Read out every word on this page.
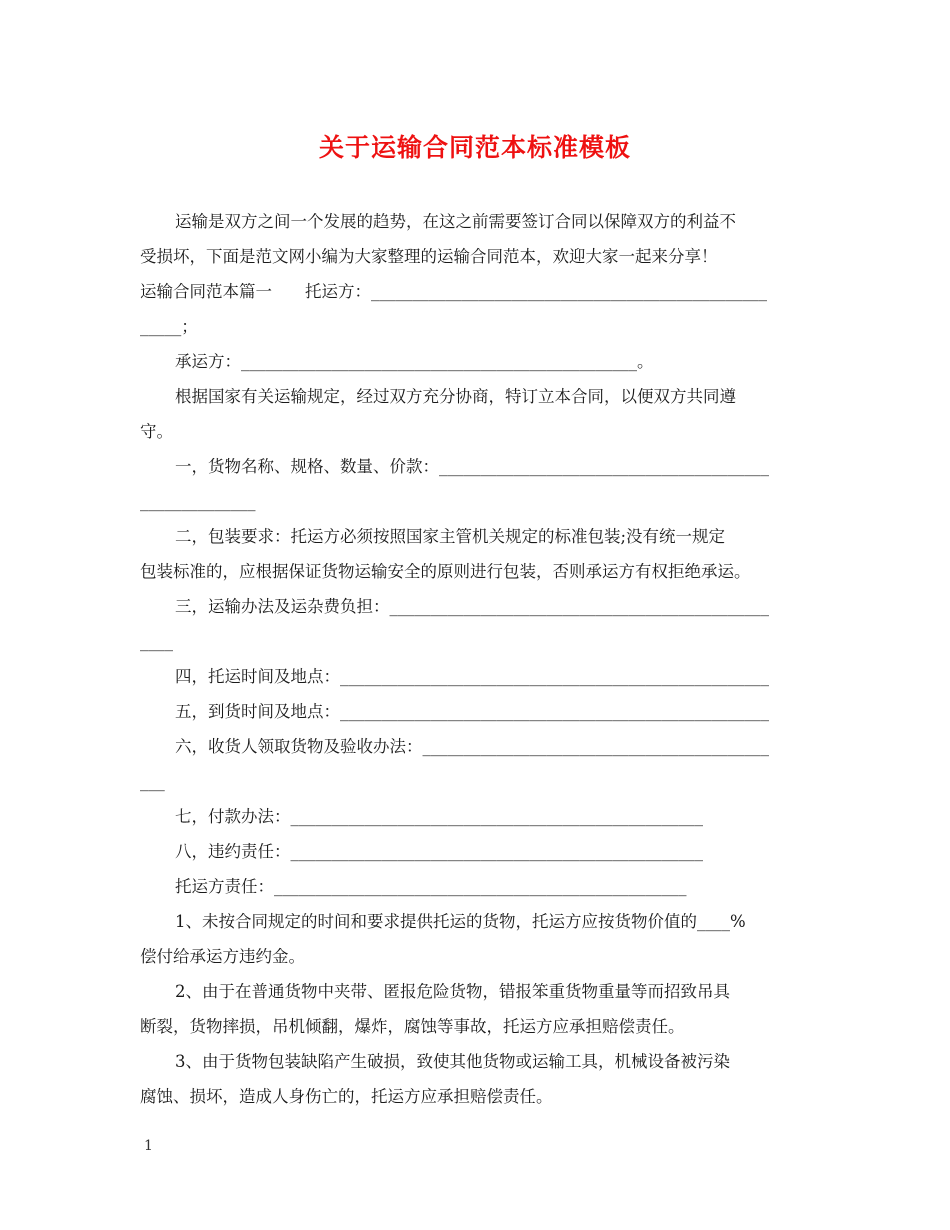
关于运输合同范本标准模板
运输是双方之间一个发展的趋势，在这之前需要签订合同以保障双方的利益不
受损坏，下面是范文网小编为大家整理的运输合同范本，欢迎大家一起来分享！
运输合同范本篇一　　托运方：________________________________________________
_____；
承运方：________________________________________________。
根据国家有关运输规定，经过双方充分协商，特订立本合同，以便双方共同遵
守。
一，货物名称、规格、数量、价款：________________________________________
______________
二，包装要求：托运方必须按照国家主管机关规定的标准包装;没有统一规定
包装标准的，应根据保证货物运输安全的原则进行包装，否则承运方有权拒绝承运。
三，运输办法及运杂费负担：______________________________________________
____
四，托运时间及地点：____________________________________________________
五，到货时间及地点：____________________________________________________
六，收货人领取货物及验收办法：__________________________________________
___
七，付款办法：__________________________________________________
八，违约责任：__________________________________________________
托运方责任：__________________________________________________
1、未按合同规定的时间和要求提供托运的货物，托运方应按货物价值的____%
偿付给承运方违约金。
2、由于在普通货物中夹带、匿报危险货物，错报笨重货物重量等而招致吊具
断裂，货物摔损，吊机倾翻，爆炸，腐蚀等事故，托运方应承担赔偿责任。
3、由于货物包装缺陷产生破损，致使其他货物或运输工具，机械设备被污染
腐蚀、损坏，造成人身伤亡的，托运方应承担赔偿责任。
1
